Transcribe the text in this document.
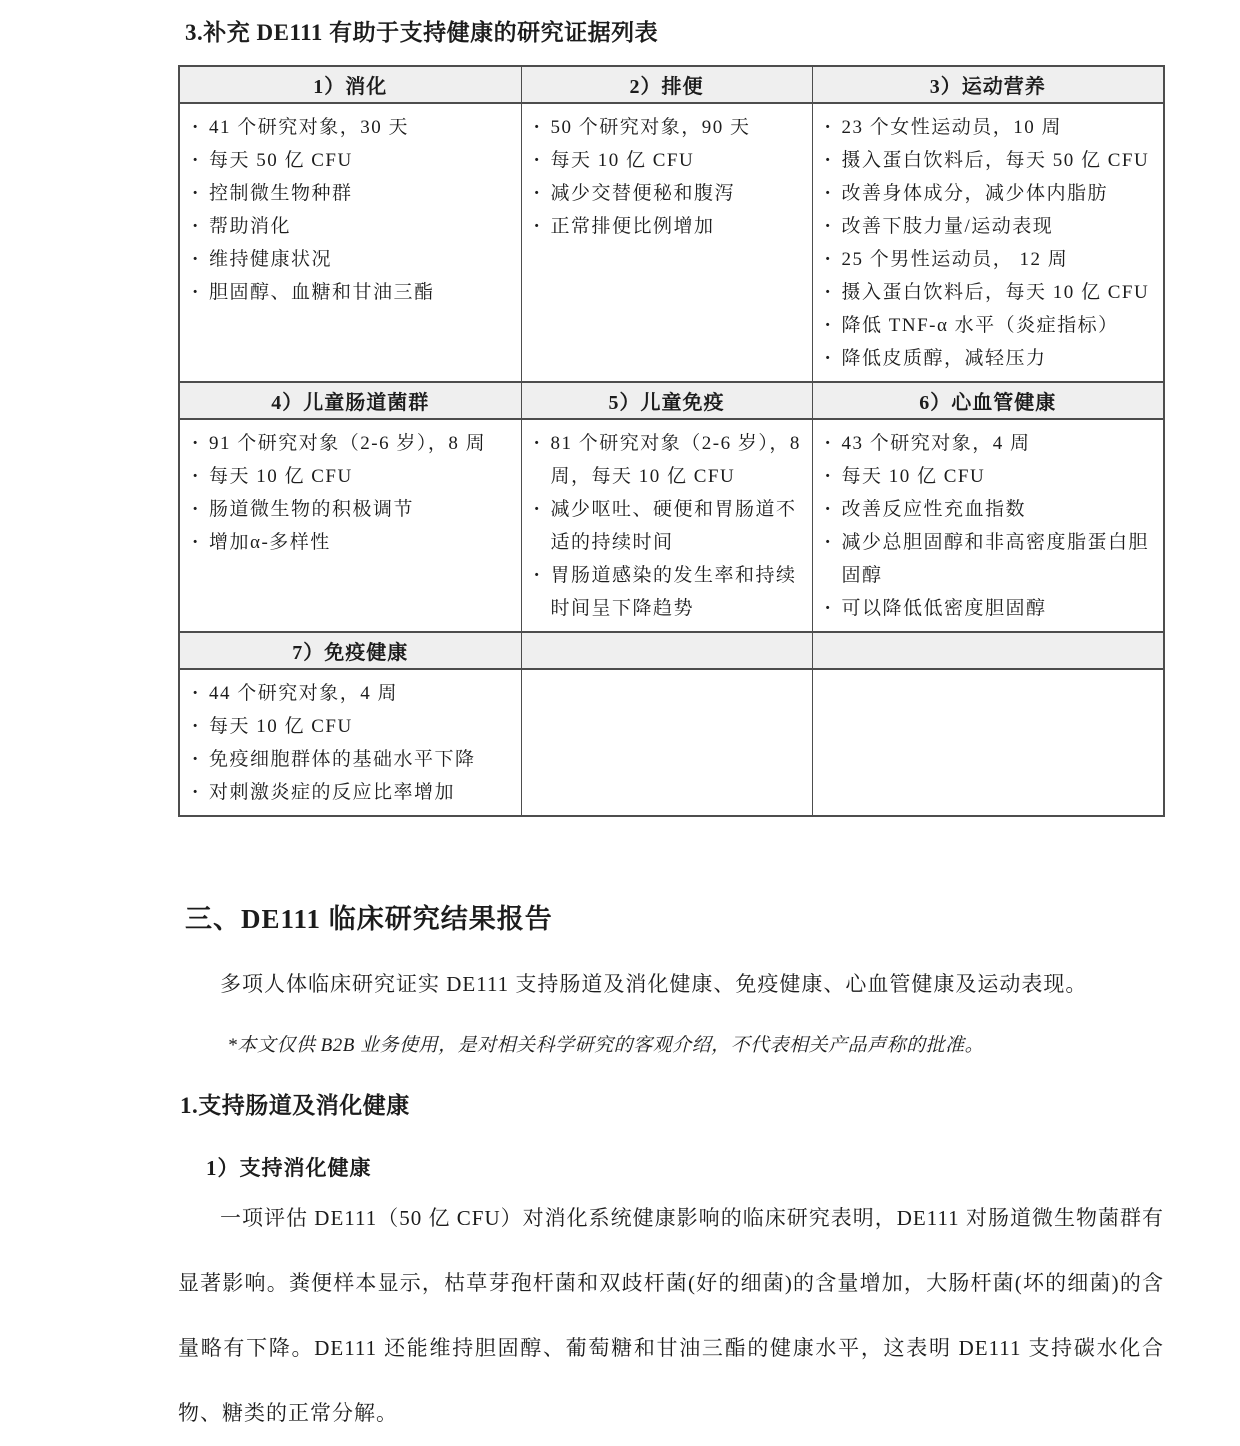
3.补充 DE111 有助于支持健康的研究证据列表
1）消化	2）排便	3）运动营养

· 41 个研究对象，30 天
· 每天 50 亿 CFU
· 控制微生物种群
· 帮助消化
· 维持健康状况
· 胆固醇、血糖和甘油三酯

· 50 个研究对象，90 天
· 每天 10 亿 CFU
· 减少交替便秘和腹泻
· 正常排便比例增加

· 23 个女性运动员，10 周
· 摄入蛋白饮料后，每天 50 亿 CFU
· 改善身体成分，减少体内脂肪
· 改善下肢力量/运动表现
· 25 个男性运动员， 12 周
· 摄入蛋白饮料后，每天 10 亿 CFU
· 降低 TNF-α 水平（炎症指标）
· 降低皮质醇，减轻压力

4）儿童肠道菌群	5）儿童免疫	6）心血管健康

· 91 个研究对象（2-6 岁），8 周
· 每天 10 亿 CFU
· 肠道微生物的积极调节
· 增加α-多样性

· 81 个研究对象（2-6 岁），8 周，每天 10 亿 CFU
· 减少呕吐、硬便和胃肠道不适的持续时间
· 胃肠道感染的发生率和持续时间呈下降趋势

· 43 个研究对象，4 周
· 每天 10 亿 CFU
· 改善反应性充血指数
· 减少总胆固醇和非高密度脂蛋白胆固醇
· 可以降低低密度胆固醇

7）免疫健康		

· 44 个研究对象，4 周
· 每天 10 亿 CFU
· 免疫细胞群体的基础水平下降
· 对刺激炎症的反应比率增加

三、DE111 临床研究结果报告

多项人体临床研究证实 DE111 支持肠道及消化健康、免疫健康、心血管健康及运动表现。

*本文仅供 B2B 业务使用，是对相关科学研究的客观介绍，不代表相关产品声称的批准。

1.支持肠道及消化健康
1）支持消化健康

一项评估 DE111（50 亿 CFU）对消化系统健康影响的临床研究表明，DE111 对肠道微生物菌群有显著影响。粪便样本显示，枯草芽孢杆菌和双歧杆菌(好的细菌)的含量增加，大肠杆菌(坏的细菌)的含量略有下降。DE111 还能维持胆固醇、葡萄糖和甘油三酯的健康水平，这表明 DE111 支持碳水化合物、糖类的正常分解。
